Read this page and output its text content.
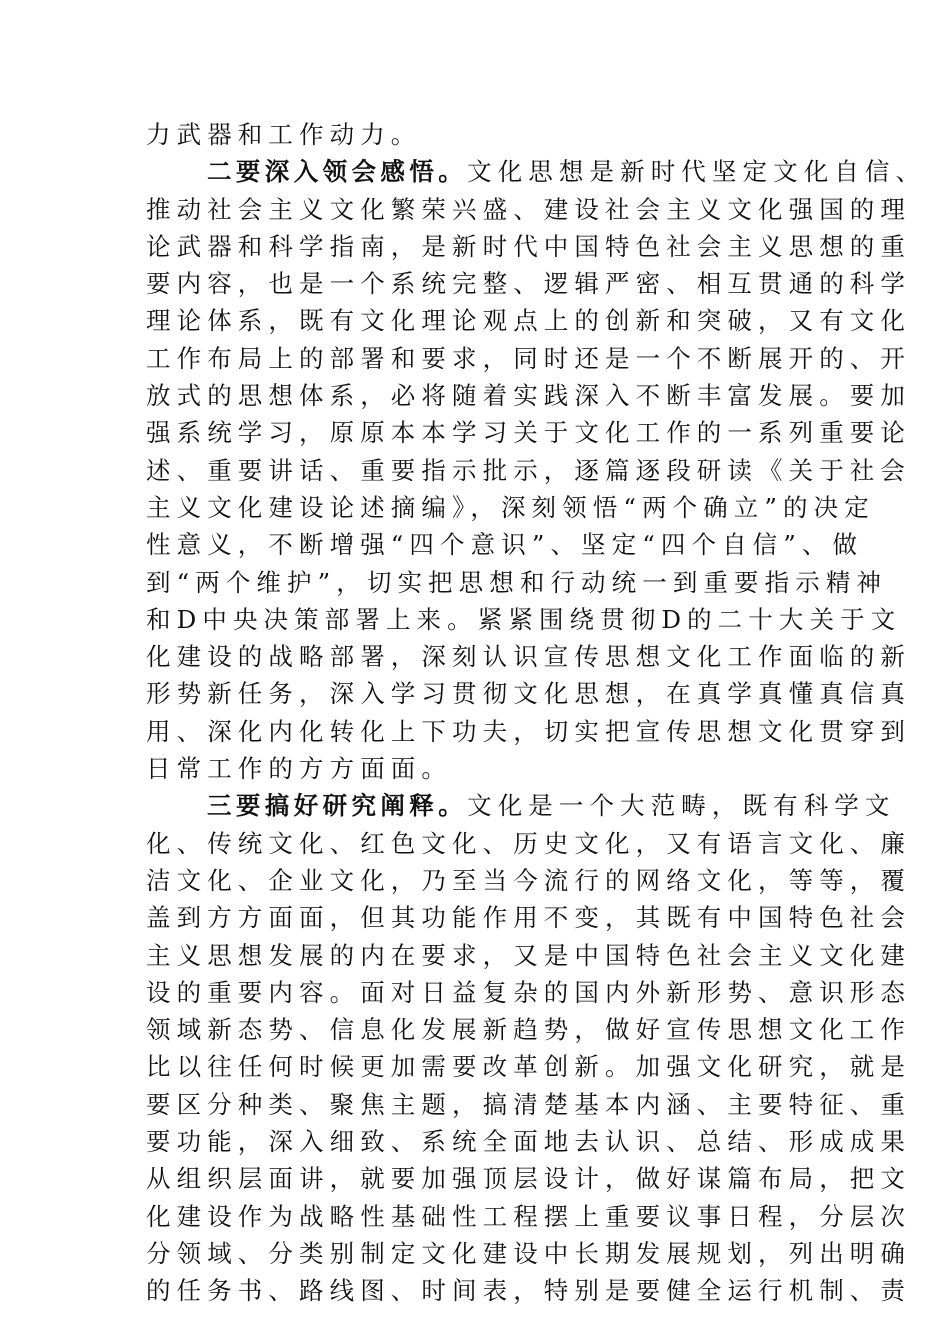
力武器和工作动力。
二要深入领会感悟。文化思想是新时代坚定文化自信、
推动社会主义文化繁荣兴盛、建设社会主义文化强国的理
论武器和科学指南，是新时代中国特色社会主义思想的重
要内容，也是一个系统完整、逻辑严密、相互贯通的科学
理论体系，既有文化理论观点上的创新和突破，又有文化
工作布局上的部署和要求，同时还是一个不断展开的、开
放式的思想体系，必将随着实践深入不断丰富发展。要加
强系统学习，原原本本学习关于文化工作的一系列重要论
述、重要讲话、重要指示批示，逐篇逐段研读《关于社会
主义文化建设论述摘编》，深刻领悟“两个确立”的决定
性意义，不断增强“四个意识”、坚定“四个自信”、做
到“两个维护”，切实把思想和行动统一到重要指示精神
和D中央决策部署上来。紧紧围绕贯彻D的二十大关于文
化建设的战略部署，深刻认识宣传思想文化工作面临的新
形势新任务，深入学习贯彻文化思想，在真学真懂真信真
用、深化内化转化上下功夫，切实把宣传思想文化贯穿到
日常工作的方方面面。
三要搞好研究阐释。文化是一个大范畴，既有科学文
化、传统文化、红色文化、历史文化，又有语言文化、廉
洁文化、企业文化，乃至当今流行的网络文化，等等，覆
盖到方方面面，但其功能作用不变，其既有中国特色社会
主义思想发展的内在要求，又是中国特色社会主义文化建
设的重要内容。面对日益复杂的国内外新形势、意识形态
领域新态势、信息化发展新趋势，做好宣传思想文化工作
比以往任何时候更加需要改革创新。加强文化研究，就是
要区分种类、聚焦主题，搞清楚基本内涵、主要特征、重
要功能，深入细致、系统全面地去认识、总结、形成成果
从组织层面讲，就要加强顶层设计，做好谋篇布局，把文
化建设作为战略性基础性工程摆上重要议事日程，分层次
分领域、分类别制定文化建设中长期发展规划，列出明确
的任务书、路线图、时间表，特别是要健全运行机制、责
